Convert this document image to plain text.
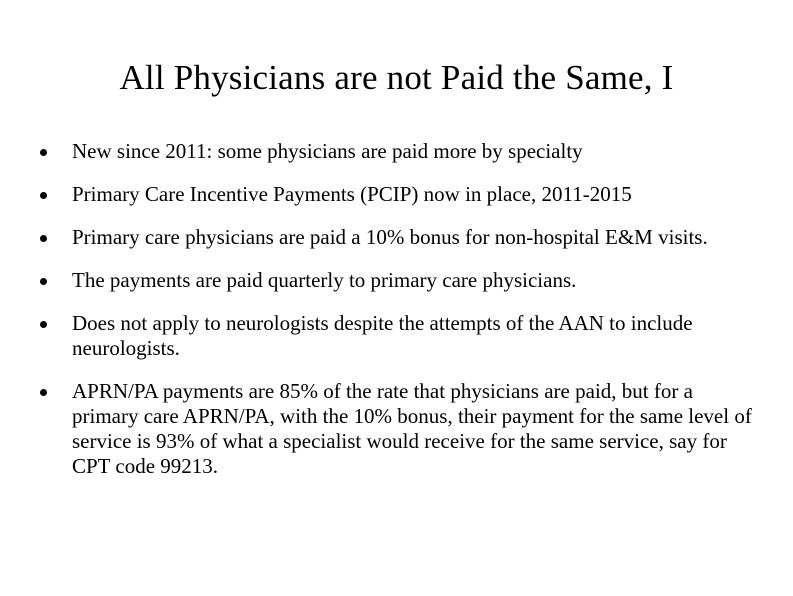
All Physicians are not Paid the Same, I
New since 2011: some physicians are paid more by specialty
Primary Care Incentive Payments (PCIP) now in place, 2011-2015
Primary care physicians are paid a 10% bonus for non-hospital E&M visits.
The payments are paid quarterly to primary care physicians.
Does not apply to neurologists despite the attempts of the AAN to include neurologists.
APRN/PA payments are 85% of the rate that physicians are paid, but for a primary care APRN/PA, with the 10% bonus, their payment for the same level of service is 93% of what a specialist would receive for the same service, say for CPT code 99213.
